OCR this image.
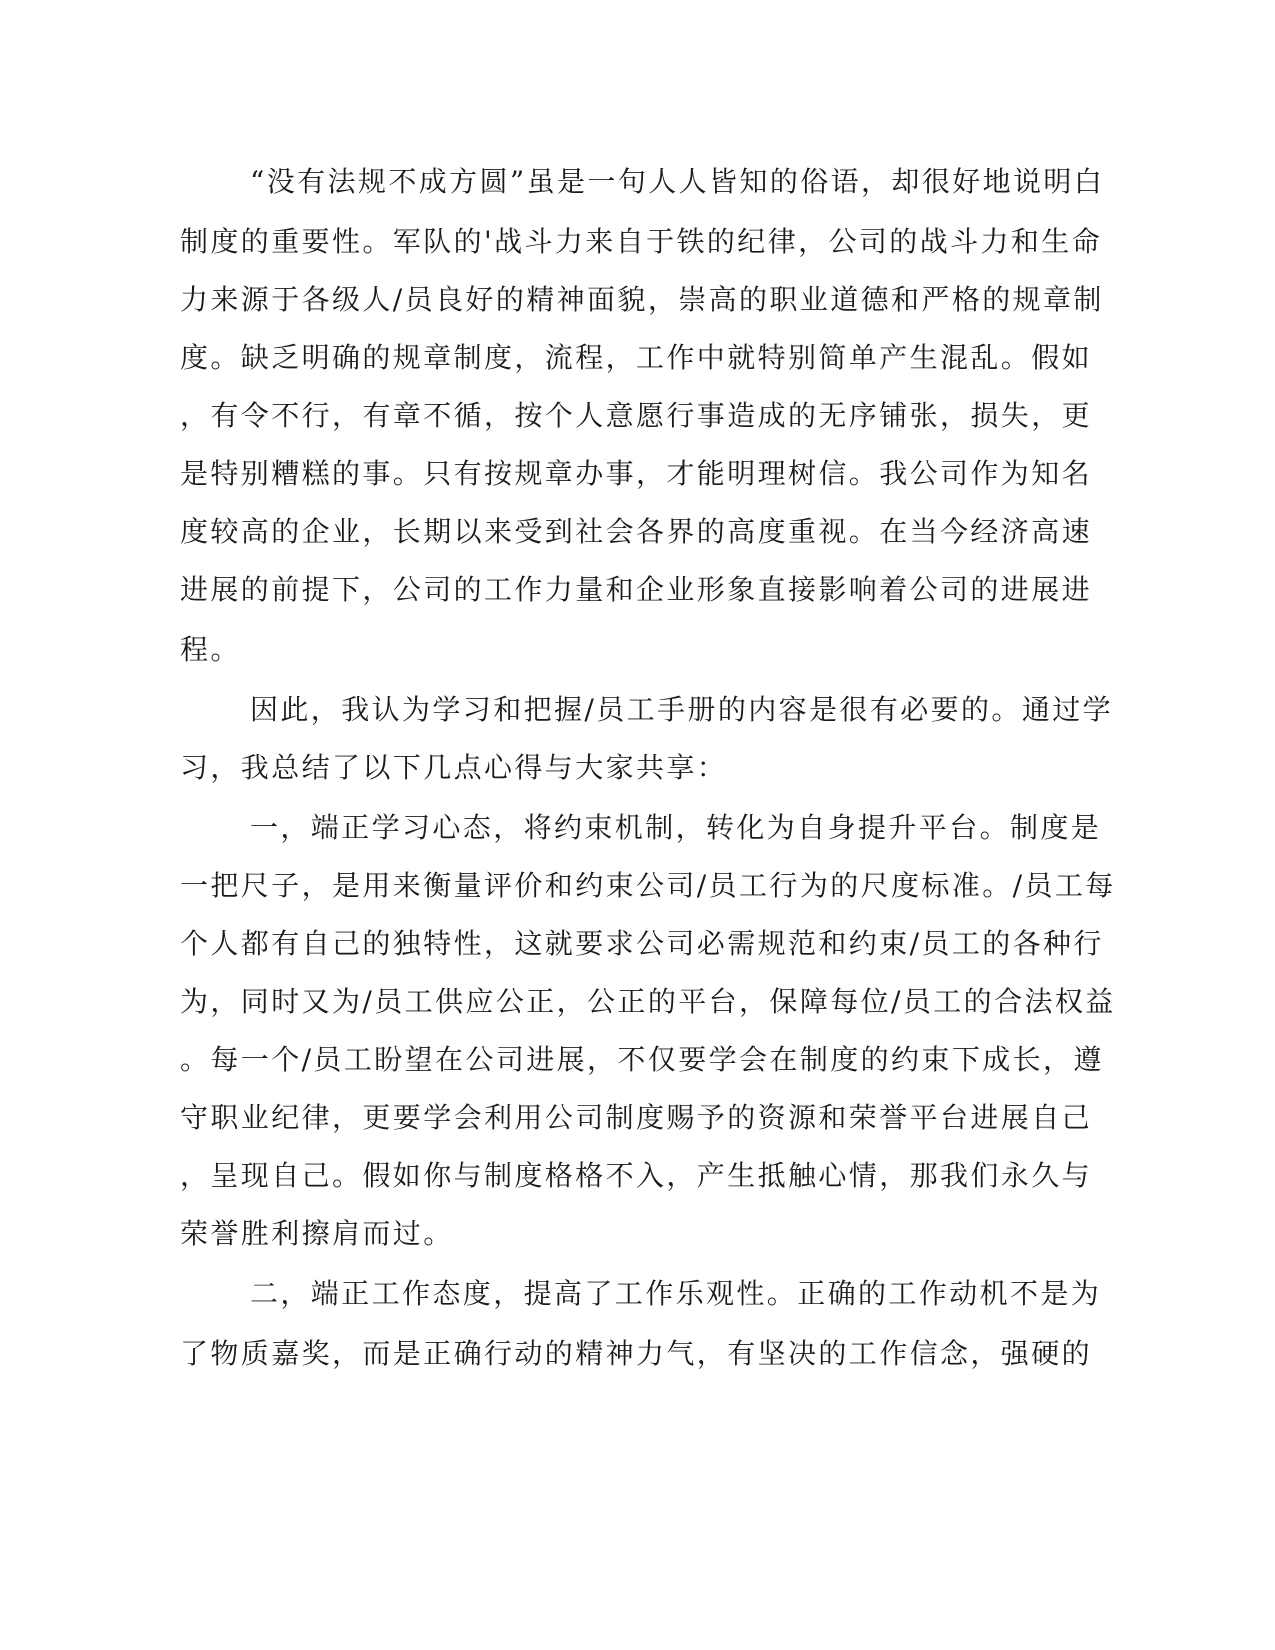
“没有法规不成方圆”虽是一句人人皆知的俗语，却很好地说明白

制度的重要性。军队的'战斗力来自于铁的纪律，公司的战斗力和生命

力来源于各级人/员良好的精神面貌，崇高的职业道德和严格的规章制

度。缺乏明确的规章制度，流程，工作中就特别简单产生混乱。假如

，有令不行，有章不循，按个人意愿行事造成的无序铺张，损失，更

是特别糟糕的事。只有按规章办事，才能明理树信。我公司作为知名

度较高的企业，长期以来受到社会各界的高度重视。在当今经济高速

进展的前提下，公司的工作力量和企业形象直接影响着公司的进展进

程。

因此，我认为学习和把握/员工手册的内容是很有必要的。通过学

习，我总结了以下几点心得与大家共享：

一，端正学习心态，将约束机制，转化为自身提升平台。制度是

一把尺子，是用来衡量评价和约束公司/员工行为的尺度标准。/员工每

个人都有自己的独特性，这就要求公司必需规范和约束/员工的各种行

为，同时又为/员工供应公正，公正的平台，保障每位/员工的合法权益

。每一个/员工盼望在公司进展，不仅要学会在制度的约束下成长，遵

守职业纪律，更要学会利用公司制度赐予的资源和荣誉平台进展自己

，呈现自己。假如你与制度格格不入，产生抵触心情，那我们永久与

荣誉胜利擦肩而过。

二，端正工作态度，提高了工作乐观性。正确的工作动机不是为

了物质嘉奖，而是正确行动的精神力气，有坚决的工作信念，强硬的
